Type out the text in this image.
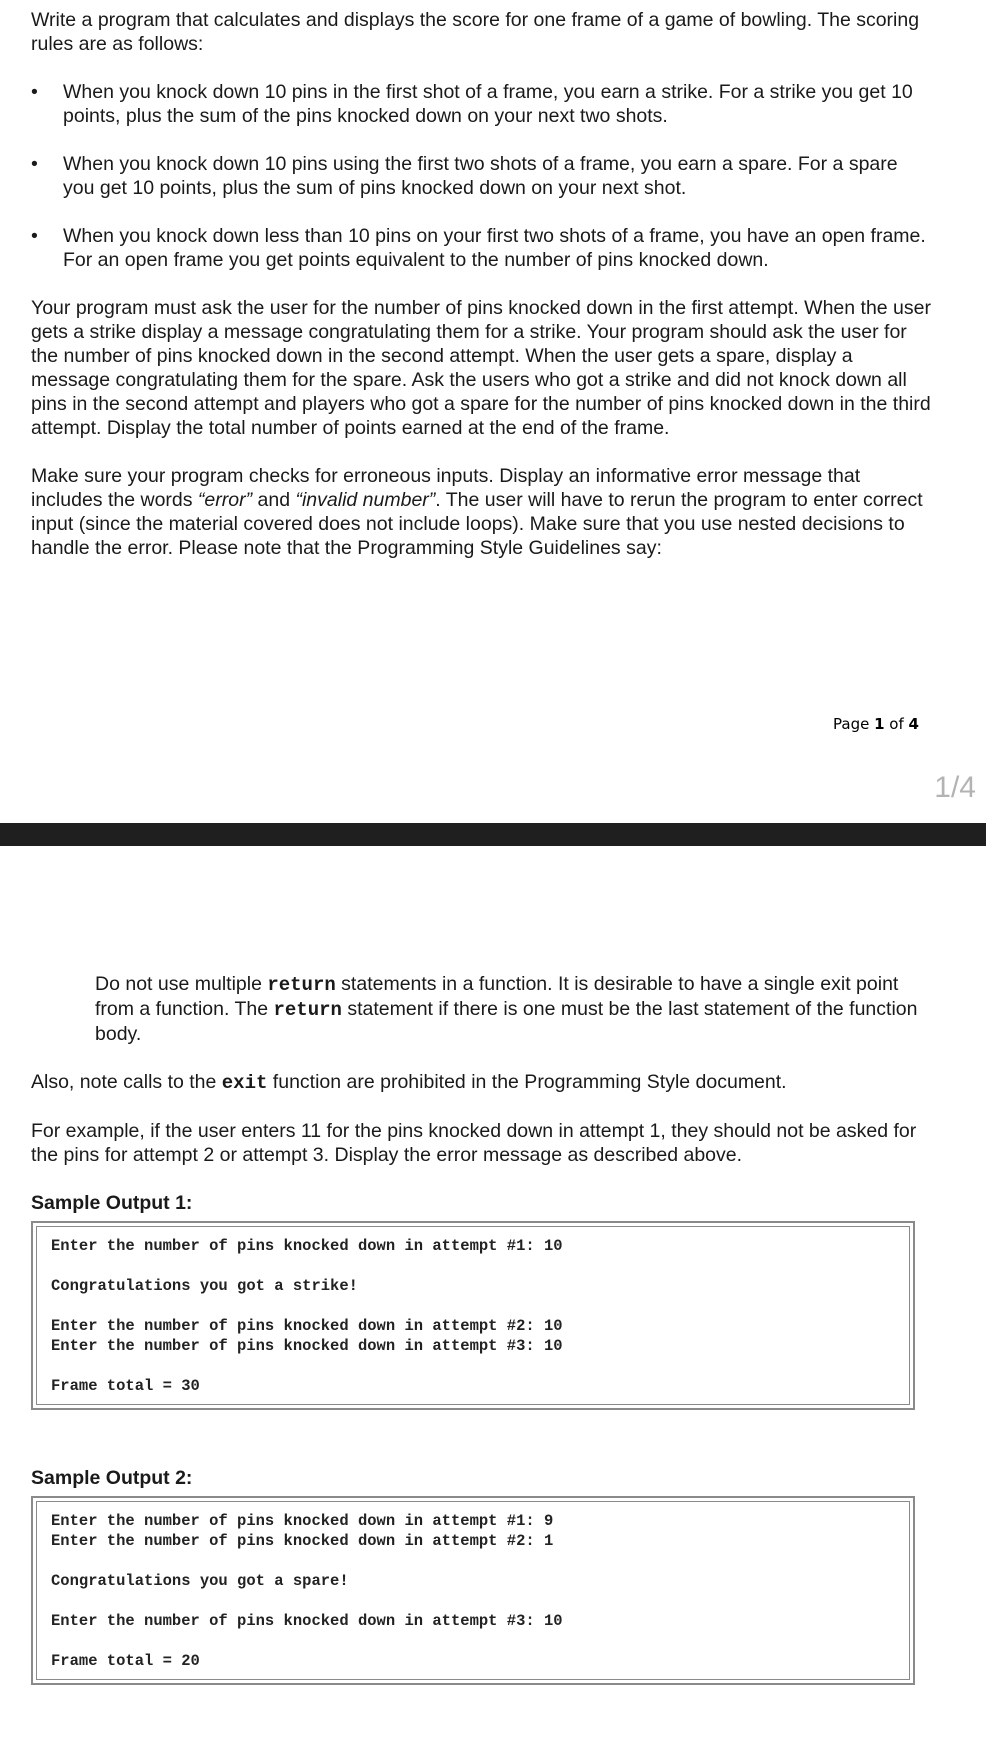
Write a program that calculates and displays the score for one frame of a game of bowling. The scoring rules are as follows:

• When you knock down 10 pins in the first shot of a frame, you earn a strike. For a strike you get 10 points, plus the sum of the pins knocked down on your next two shots.
• When you knock down 10 pins using the first two shots of a frame, you earn a spare. For a spare you get 10 points, plus the sum of pins knocked down on your next shot.
• When you knock down less than 10 pins on your first two shots of a frame, you have an open frame. For an open frame you get points equivalent to the number of pins knocked down.

Your program must ask the user for the number of pins knocked down in the first attempt. When the user gets a strike display a message congratulating them for a strike. Your program should ask the user for the number of pins knocked down in the second attempt. When the user gets a spare, display a message congratulating them for the spare. Ask the users who got a strike and did not knock down all pins in the second attempt and players who got a spare for the number of pins knocked down in the third attempt. Display the total number of points earned at the end of the frame.

Make sure your program checks for erroneous inputs. Display an informative error message that includes the words “error” and “invalid number”. The user will have to rerun the program to enter correct input (since the material covered does not include loops). Make sure that you use nested decisions to handle the error. Please note that the Programming Style Guidelines say:

Page 1 of 4
1/4

Do not use multiple return statements in a function. It is desirable to have a single exit point from a function. The return statement if there is one must be the last statement of the function body.

Also, note calls to the exit function are prohibited in the Programming Style document.

For example, if the user enters 11 for the pins knocked down in attempt 1, they should not be asked for the pins for attempt 2 or attempt 3. Display the error message as described above.

Sample Output 1:

Enter the number of pins knocked down in attempt #1: 10
Congratulations you got a strike!
Enter the number of pins knocked down in attempt #2: 10
Enter the number of pins knocked down in attempt #3: 10
Frame total = 30

Sample Output 2:

Enter the number of pins knocked down in attempt #1: 9
Enter the number of pins knocked down in attempt #2: 1
Congratulations you got a spare!
Enter the number of pins knocked down in attempt #3: 10
Frame total = 20
